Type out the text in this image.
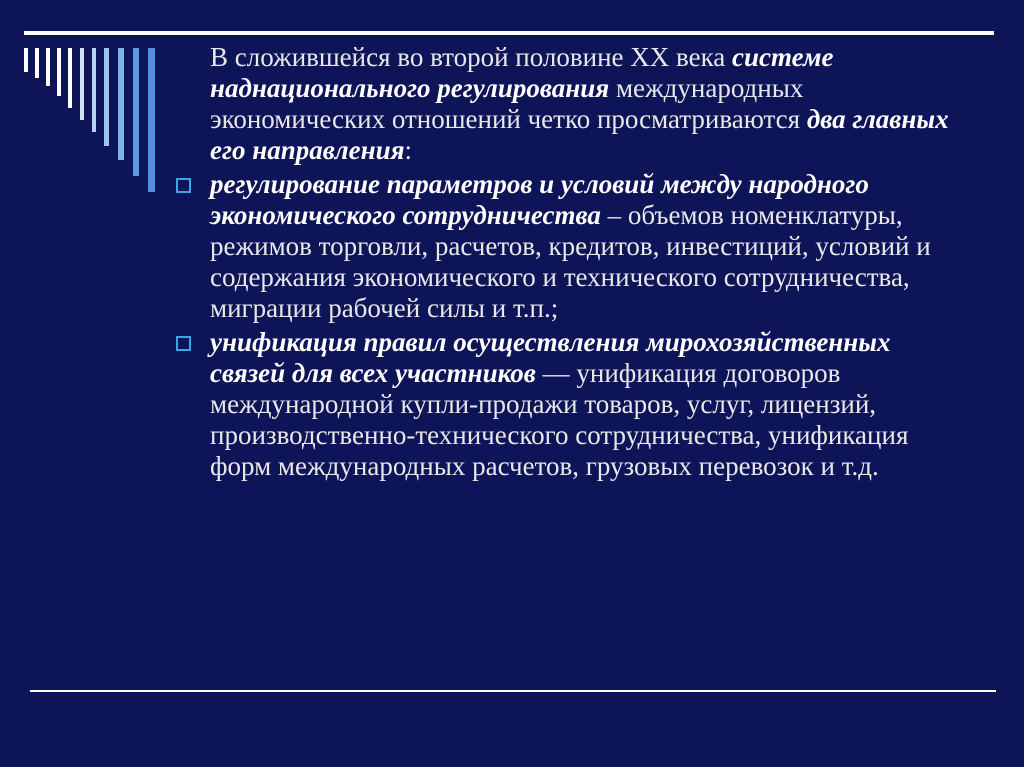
В сложившейся во второй половине XX века системе наднационального регулирования международных экономических отношений четко просматриваются два главных его направления:

регулирование параметров и условий между народного экономического сотрудничества – объемов номенклатуры, режимов торговли, расчетов, кредитов, инвестиций, условий и содержания экономического и технического сотрудничества, миграции рабочей силы и т.п.;
унификация правил осуществления мирохозяйственных связей для всех участников — унификация договоров международной купли-продажи товаров, услуг, лицензий, производственно-технического сотрудничества, унификация форм международных расчетов, грузовых перевозок и т.д.
